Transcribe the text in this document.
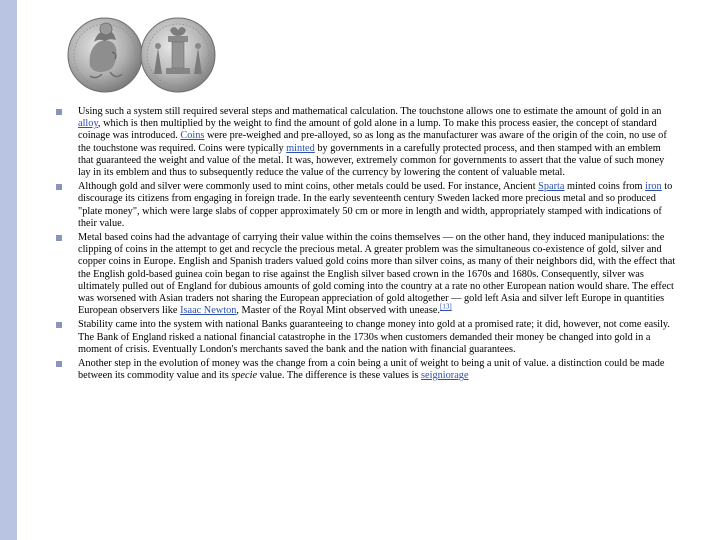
Using such a system still required several steps and mathematical calculation. The touchstone allows one to estimate the amount of gold in an alloy, which is then multiplied by the weight to find the amount of gold alone in a lump. To make this process easier, the concept of standard coinage was introduced. Coins were pre-weighed and pre-alloyed, so as long as the manufacturer was aware of the origin of the coin, no use of the touchstone was required. Coins were typically minted by governments in a carefully protected process, and then stamped with an emblem that guaranteed the weight and value of the metal. It was, however, extremely common for governments to assert that the value of such money lay in its emblem and thus to subsequently reduce the value of the currency by lowering the content of valuable metal.
Although gold and silver were commonly used to mint coins, other metals could be used. For instance, Ancient Sparta minted coins from iron to discourage its citizens from engaging in foreign trade. In the early seventeenth century Sweden lacked more precious metal and so produced "plate money", which were large slabs of copper approximately 50 cm or more in length and width, appropriately stamped with indications of their value.
Metal based coins had the advantage of carrying their value within the coins themselves — on the other hand, they induced manipulations: the clipping of coins in the attempt to get and recycle the precious metal. A greater problem was the simultaneous co-existence of gold, silver and copper coins in Europe. English and Spanish traders valued gold coins more than silver coins, as many of their neighbors did, with the effect that the English gold-based guinea coin began to rise against the English silver based crown in the 1670s and 1680s. Consequently, silver was ultimately pulled out of England for dubious amounts of gold coming into the country at a rate no other European nation would share. The effect was worsened with Asian traders not sharing the European appreciation of gold altogether — gold left Asia and silver left Europe in quantities European observers like Isaac Newton, Master of the Royal Mint observed with unease.[13]
Stability came into the system with national Banks guaranteeing to change money into gold at a promised rate; it did, however, not come easily. The Bank of England risked a national financial catastrophe in the 1730s when customers demanded their money be changed into gold in a moment of crisis. Eventually London's merchants saved the bank and the nation with financial guarantees.
Another step in the evolution of money was the change from a coin being a unit of weight to being a unit of value. a distinction could be made between its commodity value and its specie value. The difference is these values is seigniorage
